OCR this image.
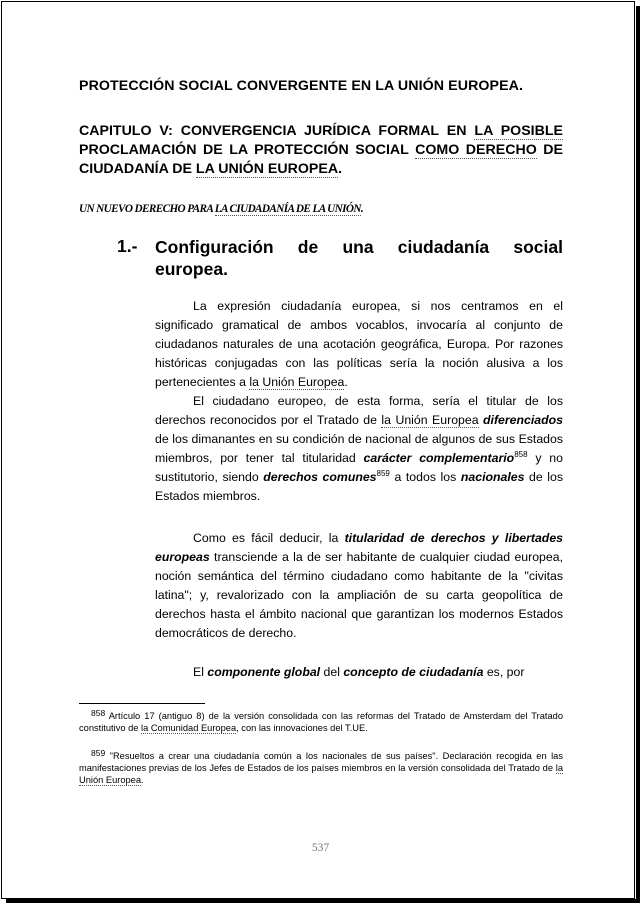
PROTECCIÓN SOCIAL CONVERGENTE EN LA UNIÓN EUROPEA.
CAPITULO V: CONVERGENCIA JURÍDICA FORMAL EN LA POSIBLE PROCLAMACIÓN DE LA PROTECCIÓN SOCIAL COMO DERECHO DE CIUDADANÍA DE LA UNIÓN EUROPEA.
UN NUEVO DERECHO PARA LA CIUDADANÍA DE LA UNIÓN.
1.- Configuración de una ciudadanía social
europea.

La expresión ciudadanía europea, si nos centramos en el significado gramatical de ambos vocablos, invocaría al conjunto de ciudadanos naturales de una acotación geográfica, Europa. Por razones históricas conjugadas con las políticas sería la noción alusiva a los pertenecientes a la Unión Europea.

El ciudadano europeo, de esta forma, sería el titular de los derechos reconocidos por el Tratado de la Unión Europea diferenciados de los dimanantes en su condición de nacional de algunos de sus Estados miembros, por tener tal titularidad carácter complementario$^{858}$ y no sustitutorio, siendo derechos comunes$^{859}$ a todos los nacionales de los Estados miembros.

Como es fácil deducir, la titularidad de derechos y libertades europeas transciende a la de ser habitante de cualquier ciudad europea, noción semántica del término ciudadano como habitante de la "civitas latina"; y, revalorizado con la ampliación de su carta geopolítica de derechos hasta el ámbito nacional que garantizan los modernos Estados democráticos de derecho.

El componente global del concepto de ciudadanía es, por

$^{858}$ Artículo 17 (antiguo 8) de la versión consolidada con las reformas del Tratado de Amsterdam del Tratado constitutivo de la Comunidad Europea, con las innovaciones del T.UE.

$^{859}$ "Resueltos a crear una ciudadanía común a los nacionales de sus países". Declaración recogida en las manifestaciones previas de los Jefes de Estados de los países miembros en la versión consolidada del Tratado de la Unión Europea.

537
